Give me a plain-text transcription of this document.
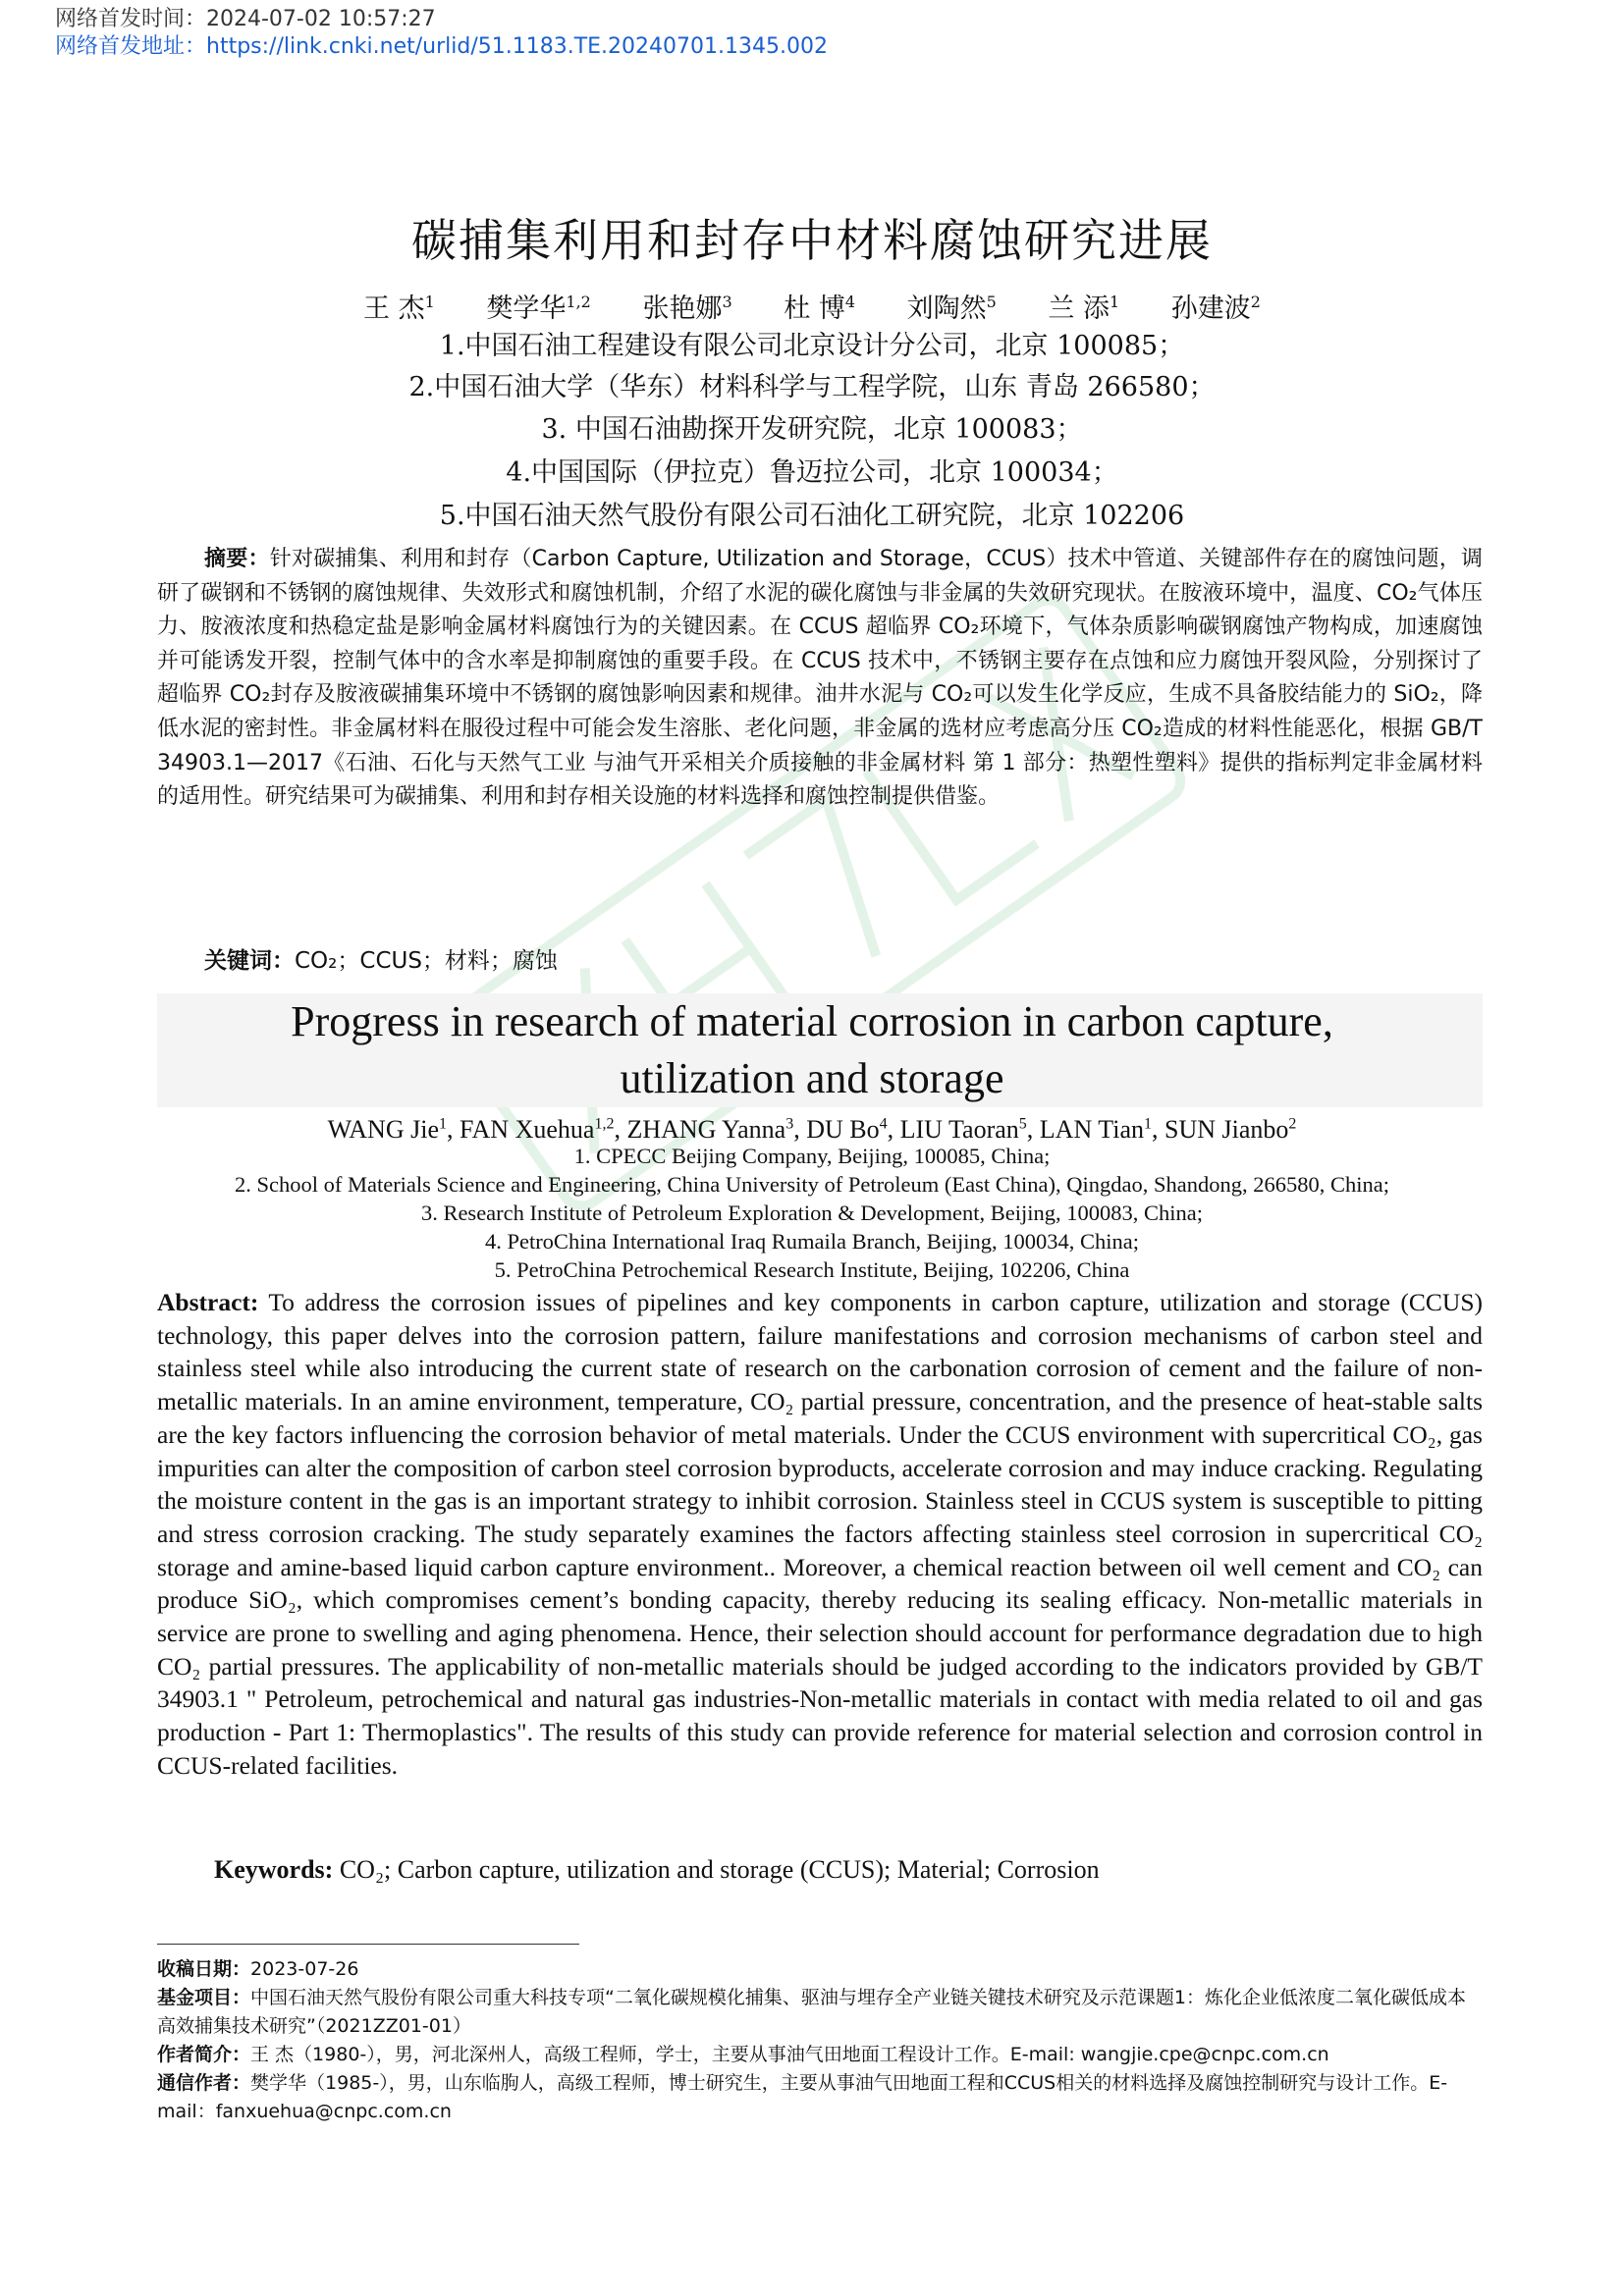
网络首发时间：2024-07-02 10:57:27
网络首发地址：https://link.cnki.net/urlid/51.1183.TE.20240701.1345.002
碳捕集利用和封存中材料腐蚀研究进展
王 杰$^1$ 樊学华$^{1,2}$ 张艳娜$^3$ 杜 博$^4$ 刘陶然$^5$ 兰 添$^1$ 孙建波$^2$
1.中国石油工程建设有限公司北京设计分公司，北京 100085；
2.中国石油大学（华东）材料科学与工程学院，山东 青岛 266580；
3. 中国石油勘探开发研究院，北京 100083；
4.中国国际（伊拉克）鲁迈拉公司，北京 100034；
5.中国石油天然气股份有限公司石油化工研究院，北京 102206
摘要：针对碳捕集、利用和封存（Carbon Capture, Utilization and Storage，CCUS）技术中管道、关键部件存在的腐蚀问题，调研了碳钢和不锈钢的腐蚀规律、失效形式和腐蚀机制，介绍了水泥的碳化腐蚀与非金属的失效研究现状。在胺液环境中，温度、CO₂气体压力、胺液浓度和热稳定盐是影响金属材料腐蚀行为的关键因素。在 CCUS 超临界 CO₂环境下，气体杂质影响碳钢腐蚀产物构成，加速腐蚀并可能诱发开裂，控制气体中的含水率是抑制腐蚀的重要手段。在 CCUS 技术中，不锈钢主要存在点蚀和应力腐蚀开裂风险，分别探讨了超临界 CO₂封存及胺液碳捕集环境中不锈钢的腐蚀影响因素和规律。油井水泥与 CO₂可以发生化学反应，生成不具备胶结能力的 SiO₂，降低水泥的密封性。非金属材料在服役过程中可能会发生溶胀、老化问题，非金属的选材应考虑高分压 CO₂造成的材料性能恶化，根据 GB/T 34903.1—2017《石油、石化与天然气工业 与油气开采相关介质接触的非金属材料 第 1 部分：热塑性塑料》提供的指标判定非金属材料的适用性。研究结果可为碳捕集、利用和封存相关设施的材料选择和腐蚀控制提供借鉴。
关键词：CO₂；CCUS；材料；腐蚀
Progress in research of material corrosion in carbon capture,
utilization and storage
WANG Jie$^1$, FAN Xuehua$^{1,2}$, ZHANG Yanna$^3$, DU Bo$^4$, LIU Taoran$^5$, LAN Tian$^1$, SUN Jianbo$^2$
1. CPECC Beijing Company, Beijing, 100085, China;
2. School of Materials Science and Engineering, China University of Petroleum (East China), Qingdao, Shandong, 266580, China;
3. Research Institute of Petroleum Exploration & Development, Beijing, 100083, China;
4. PetroChina International Iraq Rumaila Branch, Beijing, 100034, China;
5. PetroChina Petrochemical Research Institute, Beijing, 102206, China
Abstract: To address the corrosion issues of pipelines and key components in carbon capture, utilization and storage (CCUS) technology, this paper delves into the corrosion pattern, failure manifestations and corrosion mechanisms of carbon steel and stainless steel while also introducing the current state of research on the carbonation corrosion of cement and the failure of non-metallic materials. In an amine environment, temperature, CO₂ partial pressure, concentration, and the presence of heat-stable salts are the key factors influencing the corrosion behavior of metal materials. Under the CCUS environment with supercritical CO₂, gas impurities can alter the composition of carbon steel corrosion byproducts, accelerate corrosion and may induce cracking. Regulating the moisture content in the gas is an important strategy to inhibit corrosion. Stainless steel in CCUS system is susceptible to pitting and stress corrosion cracking. The study separately examines the factors affecting stainless steel corrosion in supercritical CO₂ storage and amine-based liquid carbon capture environment.. Moreover, a chemical reaction between oil well cement and CO₂ can produce SiO₂, which compromises cement’s bonding capacity, thereby reducing its sealing efficacy. Non-metallic materials in service are prone to swelling and aging phenomena. Hence, their selection should account for performance degradation due to high CO₂ partial pressures. The applicability of non-metallic materials should be judged according to the indicators provided by GB/T 34903.1 " Petroleum, petrochemical and natural gas industries-Non-metallic materials in contact with media related to oil and gas production - Part 1: Thermoplastics". The results of this study can provide reference for material selection and corrosion control in CCUS-related facilities.
Keywords: CO₂; Carbon capture, utilization and storage (CCUS); Material; Corrosion
收稿日期：2023-07-26
基金项目：中国石油天然气股份有限公司重大科技专项“二氧化碳规模化捕集、驱油与埋存全产业链关键技术研究及示范课题1：炼化企业低浓度二氧化碳低成本高效捕集技术研究”（2021ZZ01-01）
作者简介：王 杰（1980-），男，河北深州人，高级工程师，学士，主要从事油气田地面工程设计工作。E-mail: wangjie.cpe@cnpc.com.cn
通信作者：樊学华（1985-），男，山东临朐人，高级工程师，博士研究生，主要从事油气田地面工程和CCUS相关的材料选择及腐蚀控制研究与设计工作。E-mail：fanxuehua@cnpc.com.cn
